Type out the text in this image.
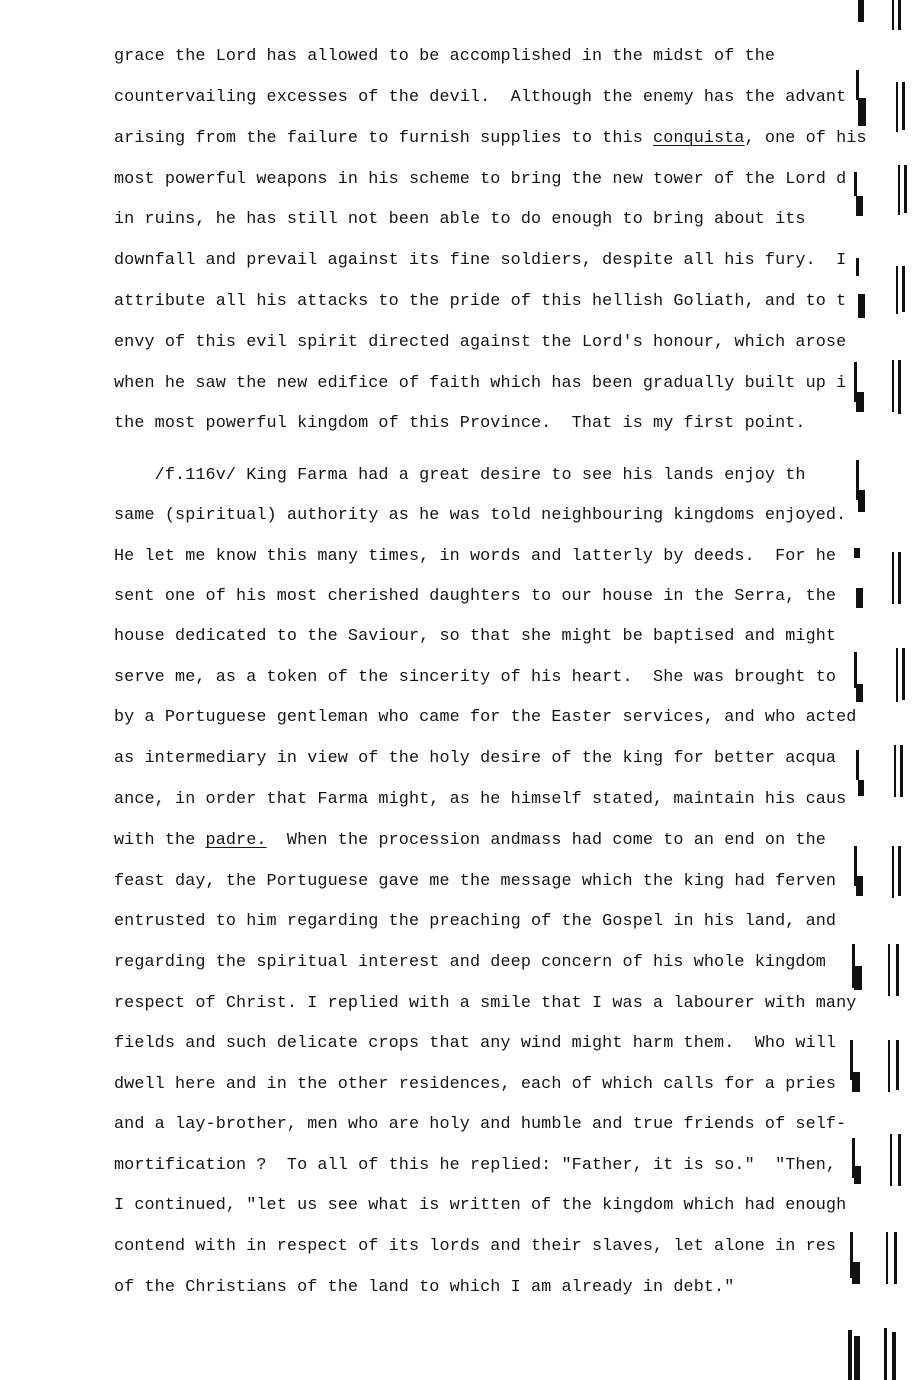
grace the Lord has allowed to be accomplished in the midst of the
countervailing excesses of the devil.  Although the enemy has the advant
arising from the failure to furnish supplies to this conquista, one of his
most powerful weapons in his scheme to bring the new tower of the Lord d
in ruins, he has still not been able to do enough to bring about its
downfall and prevail against its fine soldiers, despite all his fury.  I
attribute all his attacks to the pride of this hellish Goliath, and to t
envy of this evil spirit directed against the Lord's honour, which arose
when he saw the new edifice of faith which has been gradually built up i
the most powerful kingdom of this Province.  That is my first point.
/f.116v/ King Farma had a great desire to see his lands enjoy th
same (spiritual) authority as he was told neighbouring kingdoms enjoyed.
He let me know this many times, in words and latterly by deeds.  For he
sent one of his most cherished daughters to our house in the Serra, the
house dedicated to the Saviour, so that she might be baptised and might
serve me, as a token of the sincerity of his heart.  She was brought to
by a Portuguese gentleman who came for the Easter services, and who acted
as intermediary in view of the holy desire of the king for better acqua
ance, in order that Farma might, as he himself stated, maintain his caus
with the padre.  When the procession andmass had come to an end on the
feast day, the Portuguese gave me the message which the king had ferven
entrusted to him regarding the preaching of the Gospel in his land, and
regarding the spiritual interest and deep concern of his whole kingdom
respect of Christ. I replied with a smile that I was a labourer with many
fields and such delicate crops that any wind might harm them.  Who will
dwell here and in the other residences, each of which calls for a pries
and a lay-brother, men who are holy and humble and true friends of self-
mortification ?  To all of this he replied: "Father, it is so."  "Then,
I continued, "let us see what is written of the kingdom which had enough
contend with in respect of its lords and their slaves, let alone in res
of the Christians of the land to which I am already in debt."
